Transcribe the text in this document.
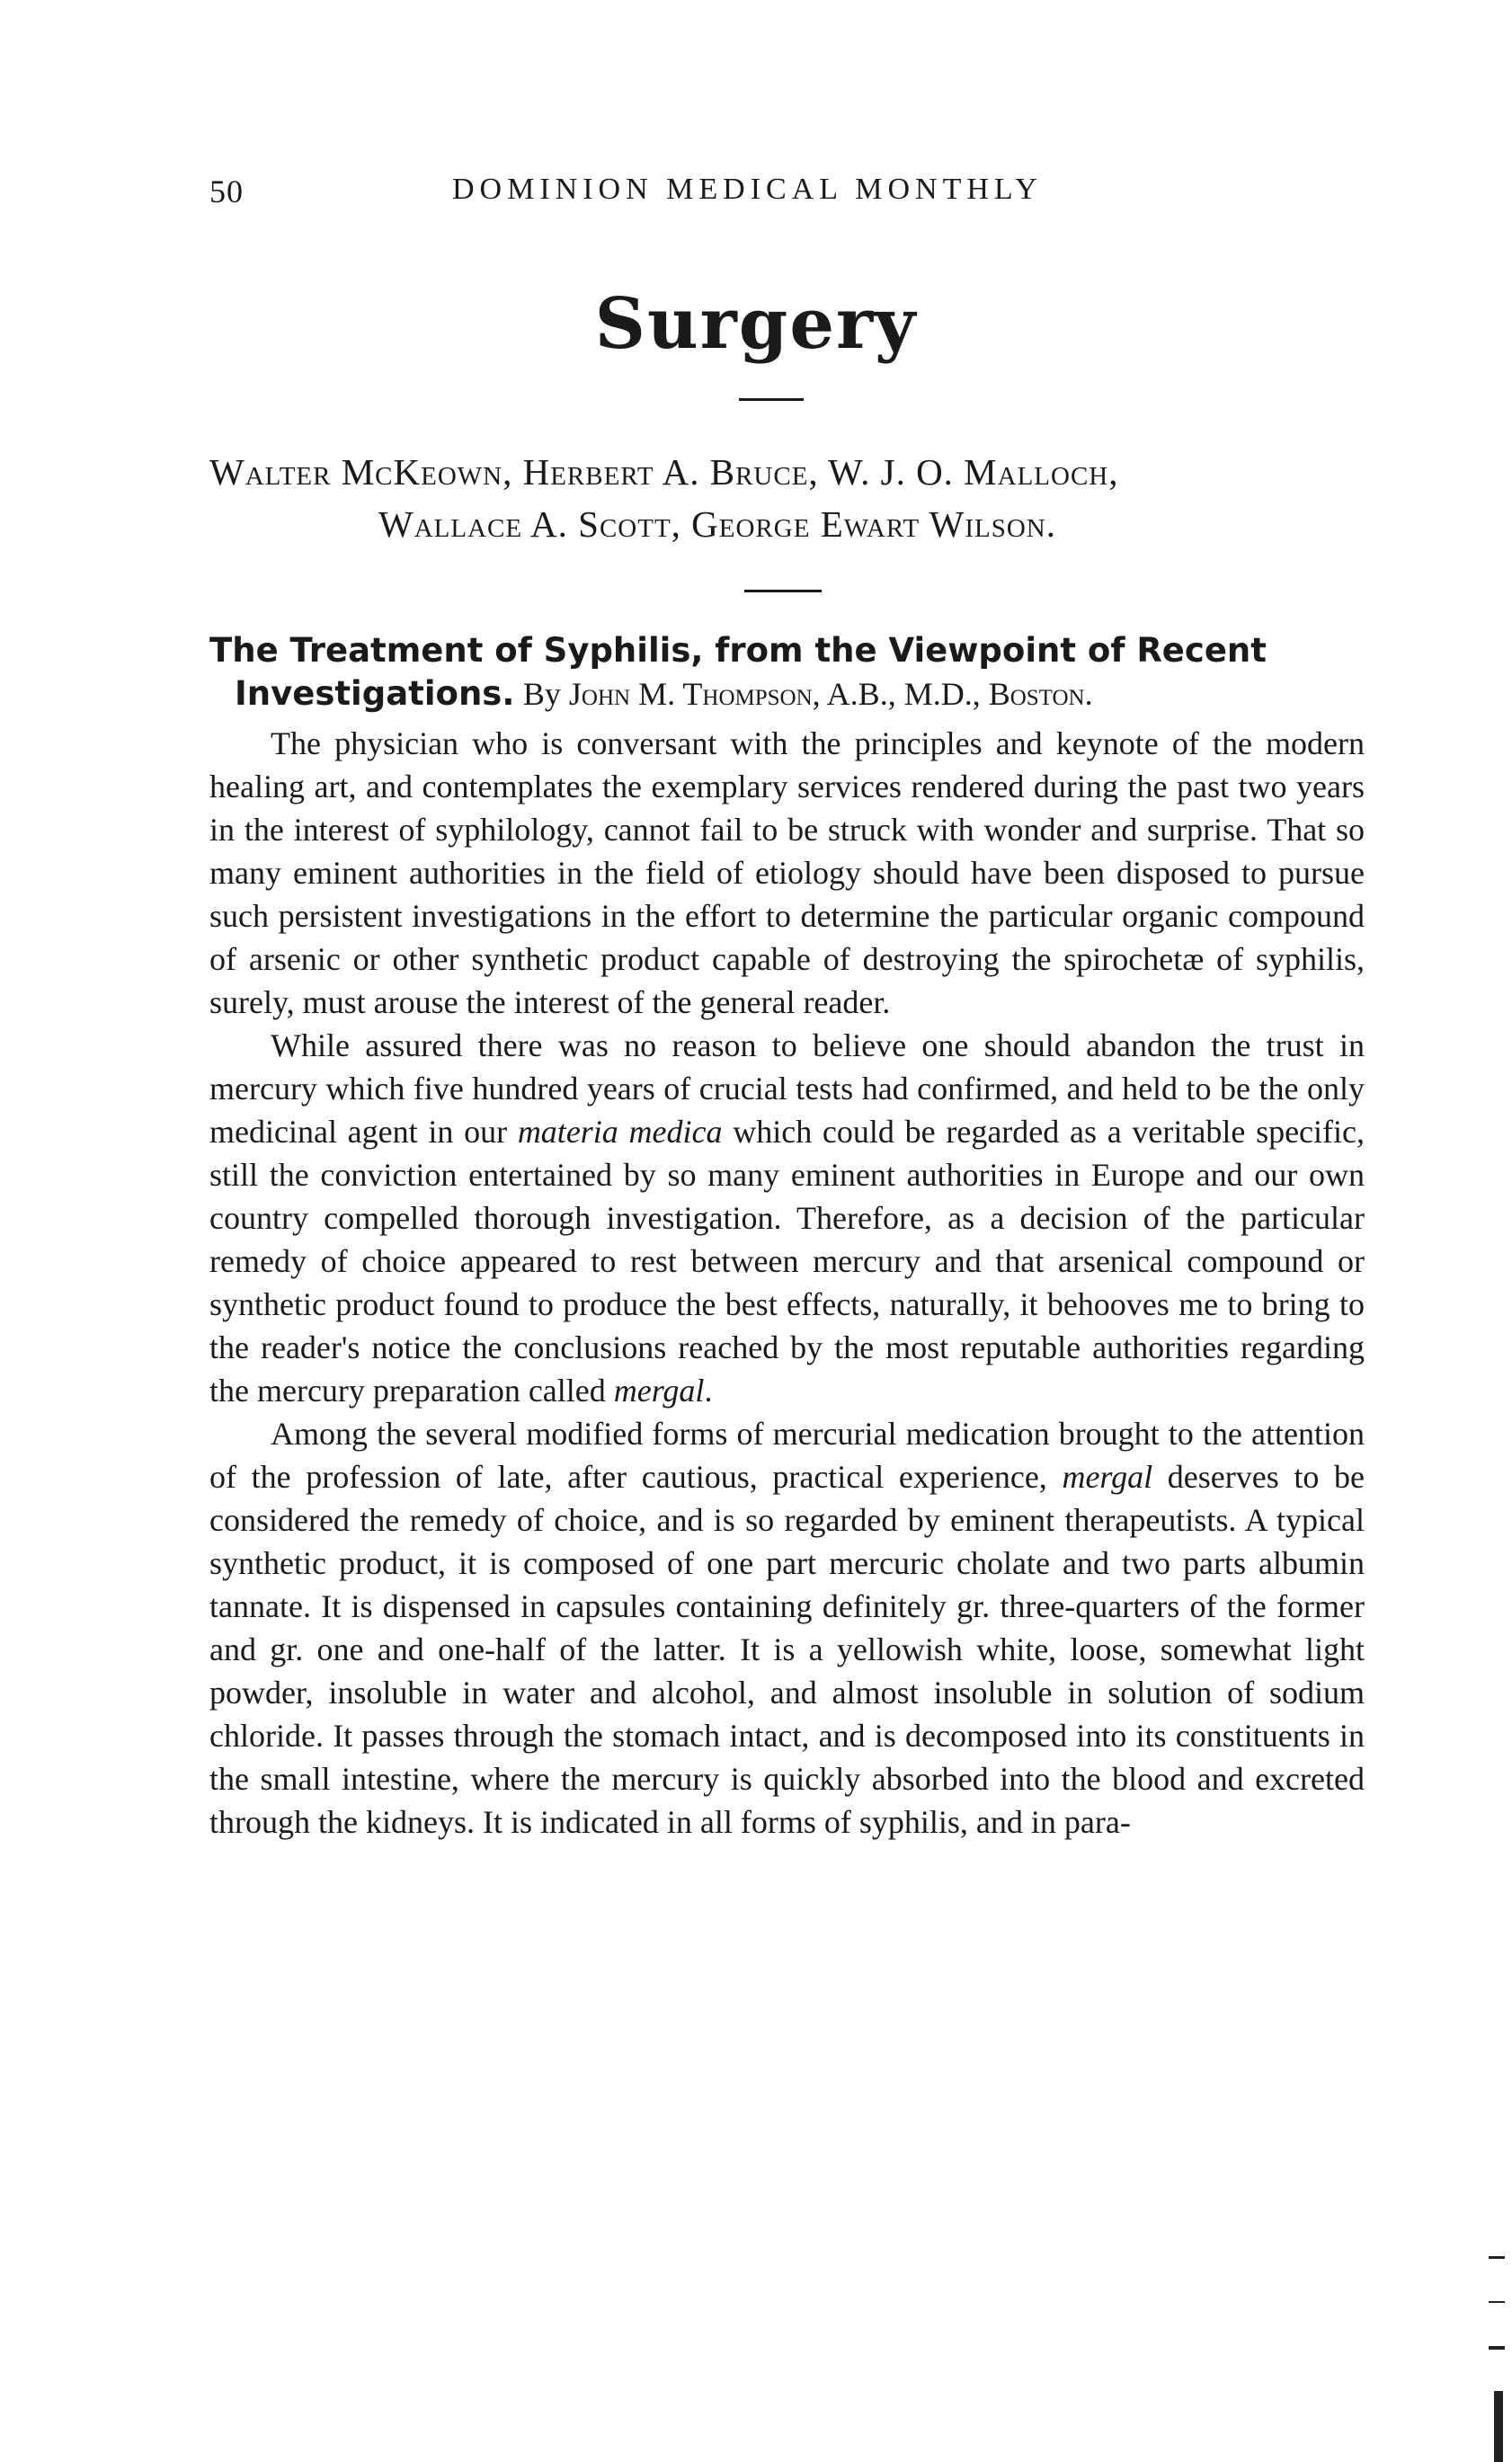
50	DOMINION MEDICAL MONTHLY
Surgery
Walter McKeown, Herbert A. Bruce, W. J. O. Malloch,
Wallace A. Scott, George Ewart Wilson.
The Treatment of Syphilis, from the Viewpoint of Recent Investigations. By John M. Thompson, A.B., M.D., Boston.

The physician who is conversant with the principles and keynote of the modern healing art, and contemplates the exemplary services rendered during the past two years in the interest of syphilology, cannot fail to be struck with wonder and surprise. That so many eminent authorities in the field of etiology should have been disposed to pursue such persistent investigations in the effort to determine the particular organic compound of arsenic or other synthetic product capable of destroying the spirochetæ of syphilis, surely, must arouse the interest of the general reader.

While assured there was no reason to believe one should abandon the trust in mercury which five hundred years of crucial tests had confirmed, and held to be the only medicinal agent in our materia medica which could be regarded as a veritable specific, still the conviction entertained by so many eminent authorities in Europe and our own country compelled thorough investigation. Therefore, as a decision of the particular remedy of choice appeared to rest between mercury and that arsenical compound or synthetic product found to produce the best effects, naturally, it behooves me to bring to the reader's notice the conclusions reached by the most reputable authorities regarding the mercury preparation called mergal.

Among the several modified forms of mercurial medication brought to the attention of the profession of late, after cautious, practical experience, mergal deserves to be considered the remedy of choice, and is so regarded by eminent therapeutists. A typical synthetic product, it is composed of one part mercuric cholate and two parts albumin tannate. It is dispensed in capsules containing definitely gr. three-quarters of the former and gr. one and one-half of the latter. It is a yellowish white, loose, somewhat light powder, insoluble in water and alcohol, and almost insoluble in solution of sodium chloride. It passes through the stomach intact, and is decomposed into its constituents in the small intestine, where the mercury is quickly absorbed into the blood and excreted through the kidneys. It is indicated in all forms of syphilis, and in para-
